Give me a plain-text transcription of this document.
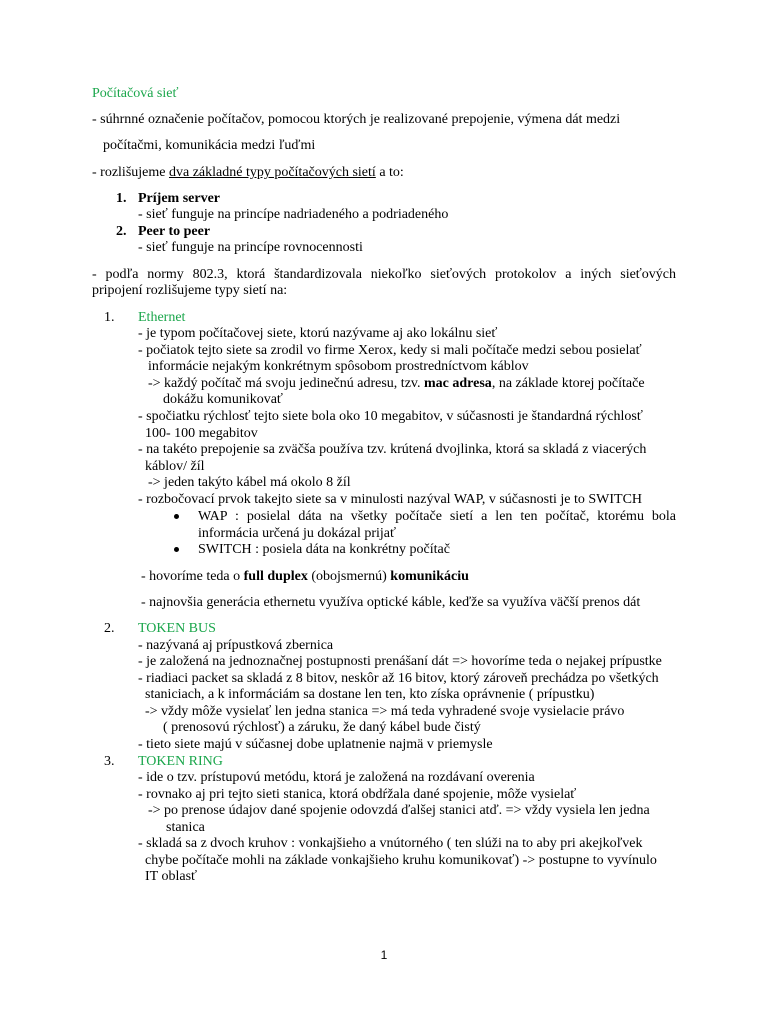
Počítačová sieť
- súhrnné označenie počítačov, pomocou ktorých je realizované prepojenie, výmena dát medzi
počítačmi, komunikácia medzi ľuďmi
- rozlišujeme dva základné typy počítačových sietí a to:
1. Príjem server
- sieť funguje na princípe nadriadeného a podriadeného
2. Peer to peer
- sieť funguje na princípe rovnocennosti
- podľa normy 802.3, ktorá štandardizovala niekoľko sieťových protokolov a iných sieťových
pripojení rozlišujeme typy sietí na:
1. Ethernet
- je typom počítačovej siete, ktorú nazývame aj ako lokálnu sieť
- počiatok tejto siete sa zrodil vo firme Xerox, kedy si mali počítače medzi sebou posielať
informácie nejakým konkrétnym spôsobom prostredníctvom káblov
-> každý počítač má svoju jedinečnú adresu, tzv. mac adresa, na základe ktorej počítače
dokážu komunikovať
- spočiatku rýchlosť tejto siete bola oko 10 megabitov, v súčasnosti je štandardná rýchlosť
100- 100 megabitov
- na takéto prepojenie sa zväčša používa tzv. krútená dvojlinka, ktorá sa skladá z viacerých
káblov/ žíl
-> jeden takýto kábel má okolo 8 žíl
- rozbočovací prvok takejto siete sa v minulosti nazýval WAP, v súčasnosti je to SWITCH
WAP : posielal dáta na všetky počítače sietí a len ten počítač, ktorému bola
informácia určená ju dokázal prijať
SWITCH : posiela dáta na konkrétny počítač
- hovoríme teda o full duplex (obojsmernú) komunikáciu
- najnovšia generácia ethernetu využíva optické káble, keďže sa využíva väčší prenos dát
2. TOKEN BUS
- nazývaná aj prípustková zbernica
- je založená na jednoznačnej postupnosti prenášaní dát => hovoríme teda o nejakej prípustke
- riadiaci packet sa skladá z 8 bitov, neskôr až 16 bitov, ktorý zároveň prechádza po všetkých
staniciach, a k informáciám sa dostane len ten, kto získa oprávnenie ( prípustku)
-> vždy môže vysielať len jedna stanica => má teda vyhradené svoje vysielacie právo
( prenosovú rýchlosť) a záruku, že daný kábel bude čistý
- tieto siete majú v súčasnej dobe uplatnenie najmä v priemysle
3. TOKEN RING
- ide o tzv. prístupovú metódu, ktorá je založená na rozdávaní overenia
- rovnako aj pri tejto sieti stanica, ktorá obdŕžala dané spojenie, môže vysielať
-> po prenose údajov dané spojenie odovzdá ďalšej stanici atď. => vždy vysiela len jedna
stanica
- skladá sa z dvoch kruhov : vonkajšieho a vnútorného ( ten slúži na to aby pri akejkoľvek
chybe počítače mohli na základe vonkajšieho kruhu komunikovať) -> postupne to vyvínulo
IT oblasť
1
